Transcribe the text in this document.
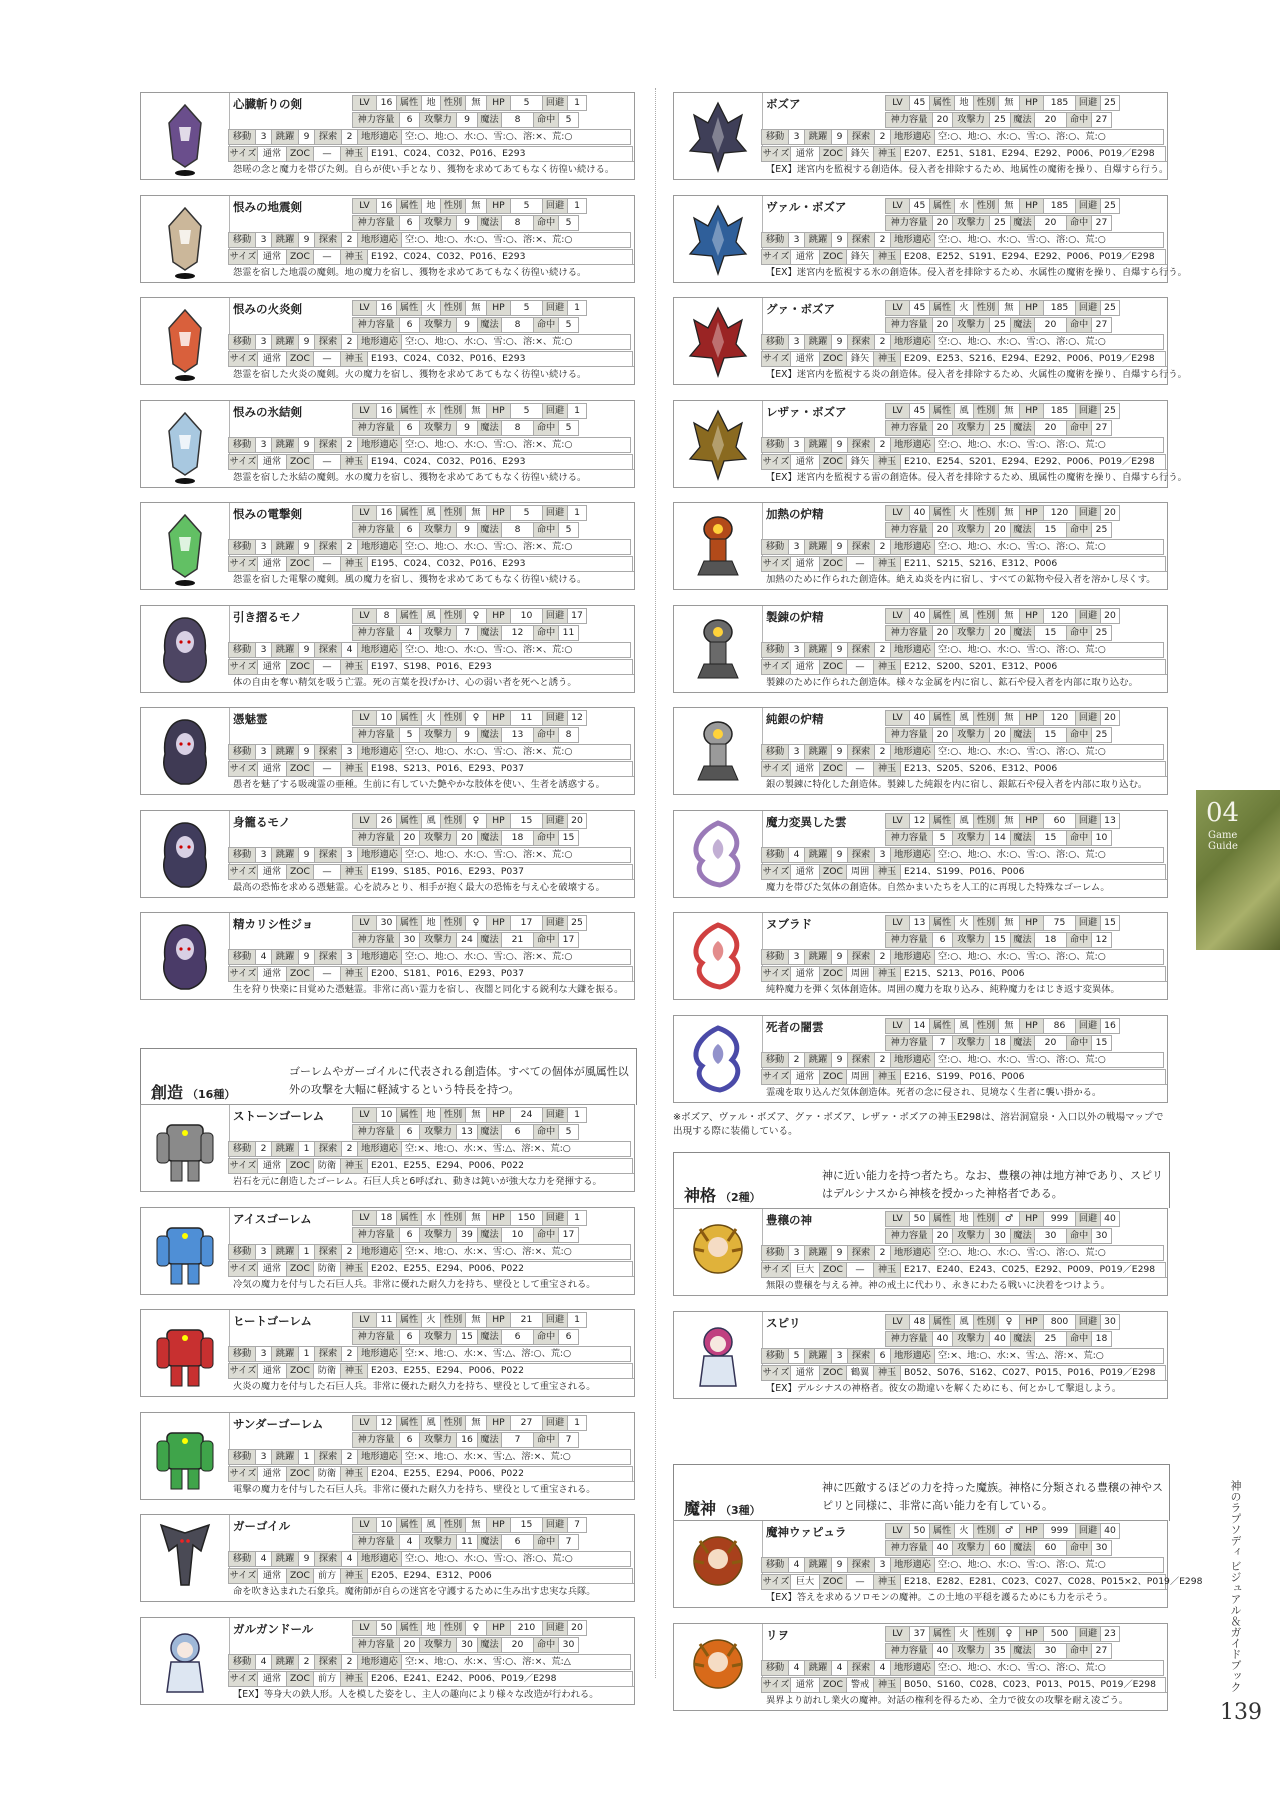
心臓斬りの剣	LV	16 属性 地 性別	無	HP	5	回避	1
神力容量	6	攻撃力	9	魔法	8	命中	5
移動	3	跳躍	9	探索	2 地形適応 空:○、地:○、水:○、雪:○、溶:×、荒:○
サイズ 通常 ZOC	—	神玉 E191、C024、C032、P016、E293
怨嗟の念と魔力を帯びた剣。自らが使い手となり、獲物を求めてあてもなく彷徨い続ける。
恨みの地震剣	LV	16 属性 地 性別	無	HP	5	回避	1
神力容量	6	攻撃力	9	魔法	8	命中	5
移動	3	跳躍	9	探索	2 地形適応 空:○、地:○、水:○、雪:○、溶:×、荒:○
サイズ 通常 ZOC	—	神玉 E192、C024、C032、P016、E293
怨霊を宿した地震の魔剣。地の魔力を宿し、獲物を求めてあてもなく彷徨い続ける。
恨みの火炎剣	LV	16 属性 火 性別	無	HP	5	回避	1
神力容量	6	攻撃力	9	魔法	8	命中	5
移動	3	跳躍	9	探索	2 地形適応 空:○、地:○、水:○、雪:○、溶:×、荒:○
サイズ 通常 ZOC	—	神玉 E193、C024、C032、P016、E293
怨霊を宿した火炎の魔剣。火の魔力を宿し、獲物を求めてあてもなく彷徨い続ける。
恨みの氷結剣	LV	16 属性 水 性別	無	HP	5	回避	1
神力容量	6	攻撃力	9	魔法	8	命中	5
移動	3	跳躍	9	探索	2 地形適応 空:○、地:○、水:○、雪:○、溶:×、荒:○
サイズ 通常 ZOC	—	神玉 E194、C024、C032、P016、E293
怨霊を宿した氷結の魔剣。水の魔力を宿し、獲物を求めてあてもなく彷徨い続ける。
恨みの電撃剣	LV	16 属性 風 性別	無	HP	5	回避	1
神力容量	6	攻撃力	9	魔法	8	命中	5
移動	3	跳躍	9	探索	2 地形適応 空:○、地:○、水:○、雪:○、溶:×、荒:○
サイズ 通常 ZOC	—	神玉 E195、C024、C032、P016、E293
怨霊を宿した電撃の魔剣。風の魔力を宿し、獲物を求めてあてもなく彷徨い続ける。
引き摺るモノ	LV	8	属性 風 性別	♀	HP	10	回避 17
神力容量	4	攻撃力	7	魔法	12	命中 11
移動	3	跳躍	9	探索	4 地形適応 空:○、地:○、水:○、雪:○、溶:×、荒:○
サイズ 通常 ZOC	—	神玉 E197、S198、P016、E293
体の自由を奪い精気を吸う亡霊。死の言葉を投げかけ、心の弱い者を死へと誘う。
憑魅霊	LV	10 属性 火 性別	♀	HP	11	回避 12
神力容量	5	攻撃力	9	魔法	13	命中	8
移動	3	跳躍	9	探索	3 地形適応 空:○、地:○、水:○、雪:○、溶:×、荒:○
サイズ 通常 ZOC	—	神玉 E198、S213、P016、E293、P037
愚者を魅了する吸魂霊の亜種。生前に有していた艶やかな肢体を使い、生者を誘惑する。
身籠るモノ	LV	26 属性 風 性別	♀	HP	15	回避 20
神力容量	20 攻撃力	20 魔法	18	命中 15
移動	3	跳躍	9	探索	3 地形適応 空:○、地:○、水:○、雪:○、溶:×、荒:○
サイズ 通常 ZOC	—	神玉 E199、S185、P016、E293、P037
最高の恐怖を求める憑魅霊。心を読みとり、相手が抱く最大の恐怖を与え心を破壊する。
精カリシ性ジョ	LV	30 属性 地 性別	♀	HP	17	回避 25
神力容量	30 攻撃力	24 魔法	21	命中 17
移動	4	跳躍	9	探索	3 地形適応 空:○、地:○、水:○、雪:○、溶:×、荒:○
サイズ 通常 ZOC	—	神玉 E200、S181、P016、E293、P037
生を狩り快楽に目覚めた憑魅霊。非常に高い霊力を宿し、夜闇と同化する鋭利な大鎌を振る。
創造 （16種）
ゴーレムやガーゴイルに代表される創造体。すべての個体が風属性以外の攻撃を大幅に軽減するという特長を持つ。
ストーンゴーレム	LV	10 属性 地 性別	無	HP	24	回避	1
神力容量	6	攻撃力	13 魔法	6	命中	5
移動	2	跳躍	1	探索	2 地形適応 空:×、地:○、水:×、雪:△、溶:×、荒:○
サイズ 通常 ZOC 防衛 神玉 E201、E255、E294、P006、P022
岩石を元に創造したゴーレム。石巨人兵と6呼ばれ、動きは鈍いが強大な力を発揮する。
アイスゴーレム	LV	18 属性 水 性別	無	HP	150	回避	1
神力容量	6	攻撃力	39 魔法	10	命中 17
移動	3	跳躍	1	探索	2 地形適応 空:×、地:○、水:×、雪:○、溶:×、荒:○
サイズ 通常 ZOC 防衛 神玉 E202、E255、E294、P006、P022
冷気の魔力を付与した石巨人兵。非常に優れた耐久力を持ち、壁役として重宝される。
ヒートゴーレム	LV	11 属性 火 性別	無	HP	21	回避	1
神力容量	6	攻撃力	15 魔法	6	命中	6
移動	3	跳躍	1	探索	2 地形適応 空:×、地:○、水:×、雪:△、溶:○、荒:○
サイズ 通常 ZOC 防衛 神玉 E203、E255、E294、P006、P022
火炎の魔力を付与した石巨人兵。非常に優れた耐久力を持ち、壁役として重宝される。
サンダーゴーレム	LV	12 属性 風 性別	無	HP	27	回避	1
神力容量	6	攻撃力	16 魔法	7	命中	7
移動	3	跳躍	1	探索	2 地形適応 空:×、地:○、水:×、雪:△、溶:×、荒:○
サイズ 通常 ZOC 防衛 神玉 E204、E255、E294、P006、P022
電撃の魔力を付与した石巨人兵。非常に優れた耐久力を持ち、壁役として重宝される。
ガーゴイル	LV	10 属性 風 性別	無	HP	15	回避	7
神力容量	4	攻撃力	11 魔法	6	命中	7
移動	4	跳躍	9	探索	4 地形適応 空:○、地:○、水:○、雪:○、溶:○、荒:○
サイズ 通常 ZOC 前方 神玉 E205、E294、E312、P006
命を吹き込まれた石象兵。魔術師が自らの迷宮を守護するために生み出す忠実な兵隊。
ガルガンドール	LV	50 属性 地 性別	♀	HP	210	回避 20
神力容量	20 攻撃力	30 魔法	20	命中 30
移動	4	跳躍	2	探索	2 地形適応 空:×、地:○、水:×、雪:○、溶:×、荒:△
サイズ 通常 ZOC 前方 神玉 E206、E241、E242、P006、P019／E298
【EX】等身大の鉄人形。人を模した姿をし、主人の趣向により様々な改造が行われる。
ボズア	LV	45 属性 地 性別	無	HP	185	回避 25
神力容量	20 攻撃力	25 魔法	20	命中 27
移動	3	跳躍	9	探索	2 地形適応 空:○、地:○、水:○、雪:○、溶:○、荒:○
サイズ 通常 ZOC 鋒矢 神玉 E207、E251、S181、E294、E292、P006、P019／E298
【EX】迷宮内を監視する創造体。侵入者を排除するため、地属性の魔術を操り、自爆すら行う。
ヴァル・ボズア	LV	45 属性 水 性別	無	HP	185	回避 25
神力容量	20 攻撃力	25 魔法	20	命中 27
移動	3	跳躍	9	探索	2 地形適応 空:○、地:○、水:○、雪:○、溶:○、荒:○
サイズ 通常 ZOC 鋒矢 神玉 E208、E252、S191、E294、E292、P006、P019／E298
【EX】迷宮内を監視する氷の創造体。侵入者を排除するため、水属性の魔術を操り、自爆すら行う。
グァ・ボズア	LV	45 属性 火 性別	無	HP	185	回避 25
神力容量	20 攻撃力	25 魔法	20	命中 27
移動	3	跳躍	9	探索	2 地形適応 空:○、地:○、水:○、雪:○、溶:○、荒:○
サイズ 通常 ZOC 鋒矢 神玉 E209、E253、S216、E294、E292、P006、P019／E298
【EX】迷宮内を監視する炎の創造体。侵入者を排除するため、火属性の魔術を操り、自爆すら行う。
レザァ・ボズア	LV	45 属性 風 性別	無	HP	185	回避 25
神力容量	20 攻撃力	25 魔法	20	命中 27
移動	3	跳躍	9	探索	2 地形適応 空:○、地:○、水:○、雪:○、溶:○、荒:○
サイズ 通常 ZOC 鋒矢 神玉 E210、E254、S201、E294、E292、P006、P019／E298
【EX】迷宮内を監視する雷の創造体。侵入者を排除するため、風属性の魔術を操り、自爆すら行う。
加熱の炉精	LV	40 属性 火 性別	無	HP	120	回避 20
神力容量	20 攻撃力	20 魔法	15	命中 25
移動	3	跳躍	9	探索	2 地形適応 空:○、地:○、水:○、雪:○、溶:○、荒:○
サイズ 通常 ZOC	—	神玉 E211、S215、S216、E312、P006
加熱のために作られた創造体。絶えぬ炎を内に宿し、すべての鉱物や侵入者を溶かし尽くす。
製錬の炉精	LV	40 属性 風 性別	無	HP	120	回避 20
神力容量	20 攻撃力	20 魔法	15	命中 25
移動	3	跳躍	9	探索	2 地形適応 空:○、地:○、水:○、雪:○、溶:○、荒:○
サイズ 通常 ZOC	—	神玉 E212、S200、S201、E312、P006
製錬のために作られた創造体。様々な金属を内に宿し、鉱石や侵入者を内部に取り込む。
純銀の炉精	LV	40 属性 風 性別	無	HP	120	回避 20
神力容量	20 攻撃力	20 魔法	15	命中 25
移動	3	跳躍	9	探索	2 地形適応 空:○、地:○、水:○、雪:○、溶:○、荒:○
サイズ 通常 ZOC	—	神玉 E213、S205、S206、E312、P006
銀の製錬に特化した創造体。製錬した純銀を内に宿し、銀鉱石や侵入者を内部に取り込む。
魔力変異した雲	LV	12 属性 風 性別	無	HP	60	回避 13
神力容量	5	攻撃力	14 魔法	15	命中 10
移動	4	跳躍	9	探索	3 地形適応 空:○、地:○、水:○、雪:○、溶:○、荒:○
サイズ 通常 ZOC 周囲 神玉 E214、S199、P016、P006
魔力を帯びた気体の創造体。自然かまいたちを人工的に再現した特殊なゴーレム。
ヌブラド	LV	13 属性 火 性別	無	HP	75	回避 15
神力容量	6	攻撃力	15 魔法	18	命中 12
移動	3	跳躍	9	探索	2 地形適応 空:○、地:○、水:○、雪:○、溶:○、荒:○
サイズ 通常 ZOC 周囲 神玉 E215、S213、P016、P006
純粋魔力を弾く気体創造体。周囲の魔力を取り込み、純粋魔力をはじき返す変異体。
死者の闇雲	LV	14 属性 風 性別	無	HP	86	回避 16
神力容量	7	攻撃力	18 魔法	20	命中 15
移動	2	跳躍	9	探索	2 地形適応 空:○、地:○、水:○、雪:○、溶:○、荒:○
サイズ 通常 ZOC 周囲 神玉 E216、S199、P016、P006
霊魂を取り込んだ気体創造体。死者の念に侵され、見境なく生者に襲い掛かる。
※ボズア、ヴァル・ボズア、グァ・ボズア、レザァ・ボズアの神玉E298は、溶岩洞窟泉・入口以外の戦場マップで出現する際に装備している。
神格 （2種）
神に近い能力を持つ者たち。なお、豊穣の神は地方神であり、スピリはデルシナスから神核を授かった神格者である。
豊穣の神	LV	50 属性 地 性別	♂	HP	999	回避 40
神力容量	20 攻撃力	30 魔法	30	命中 30
移動	3	跳躍	9	探索	2 地形適応 空:○、地:○、水:○、雪:○、溶:○、荒:○
サイズ 巨大 ZOC	—	神玉 E217、E240、E243、C025、E292、P009、P019／E298
無限の豊穣を与える神。神の戒土に代わり、永きにわたる戦いに決着をつけよう。
スピリ	LV	48 属性 風 性別	♀	HP	800	回避 30
神力容量	40 攻撃力	40 魔法	25	命中 18
移動	5	跳躍	3	探索	6 地形適応 空:×、地:○、水:×、雪:△、溶:×、荒:○
サイズ 通常 ZOC 鶴翼 神玉 B052、S076、S162、C027、P015、P016、P019／E298
【EX】デルシナスの神格者。彼女の勘違いを解くためにも、何とかして撃退しよう。
魔神 （3種）
神に匹敵するほどの力を持った魔族。神格に分類される豊穣の神やスピリと同様に、非常に高い能力を有している。
魔神ウァピュラ	LV	50 属性 火 性別	♂	HP	999	回避 40
神力容量	40 攻撃力	60 魔法	60	命中 30
移動	4	跳躍	9	探索	3 地形適応 空:○、地:○、水:○、雪:○、溶:○、荒:○
サイズ 巨大 ZOC	—	神玉 E218、E282、E281、C023、C027、C028、P015×2、P019／E298
【EX】答えを求めるソロモンの魔神。この土地の平穏を護るためにも力を示そう。
リヲ	LV	37 属性 火 性別	♀	HP	500	回避 23
神力容量	40 攻撃力	35 魔法	30	命中 27
移動	4	跳躍	4	探索	4 地形適応 空:○、地:○、水:○、雪:○、溶:○、荒:○
サイズ 通常 ZOC 警戒 神玉 B050、S160、C028、C023、P013、P015、P019／E298
異界より訪れし業火の魔神。対話の権利を得るため、全力で彼女の攻撃を耐え凌ごう。
04
Game
Guide
神のラプソディ ビジュアル＆ガイドブック
139
